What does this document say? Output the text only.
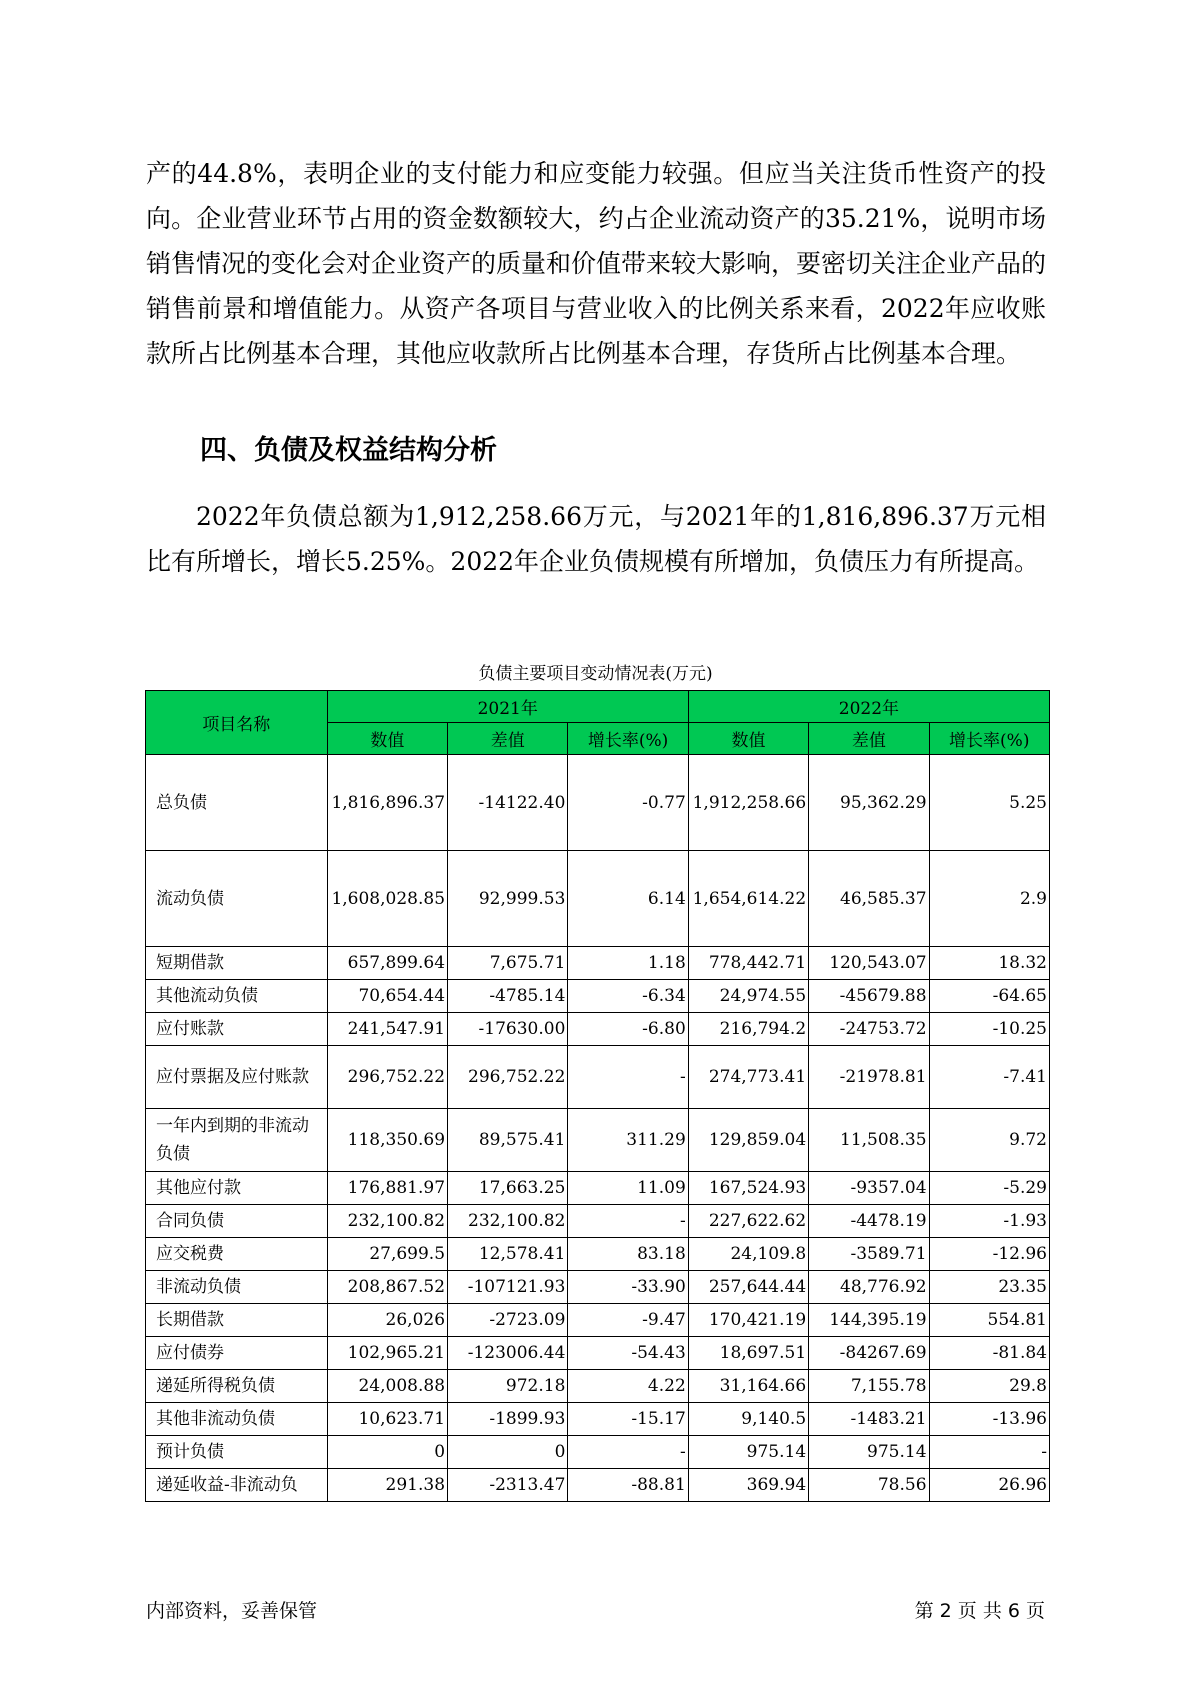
产的44.8%，表明企业的支付能力和应变能力较强。但应当关注货币性资产的投向。企业营业环节占用的资金数额较大，约占企业流动资产的35.21%，说明市场销售情况的变化会对企业资产的质量和价值带来较大影响，要密切关注企业产品的销售前景和增值能力。从资产各项目与营业收入的比例关系来看，2022年应收账款所占比例基本合理，其他应收款所占比例基本合理，存货所占比例基本合理。

四、负债及权益结构分析

2022年负债总额为1,912,258.66万元，与2021年的1,816,896.37万元相比有所增长，增长5.25%。2022年企业负债规模有所增加，负债压力有所提高。

负债主要项目变动情况表(万元)
项目名称	2021年			2022年		
	数值	差值	增长率(%)	数值	差值	增长率(%)
总负债	1,816,896.37	-14122.40	-0.77	1,912,258.66	95,362.29	5.25
流动负债	1,608,028.85	92,999.53	6.14	1,654,614.22	46,585.37	2.9
短期借款	657,899.64	7,675.71	1.18	778,442.71	120,543.07	18.32
其他流动负债	70,654.44	-4785.14	-6.34	24,974.55	-45679.88	-64.65
应付账款	241,547.91	-17630.00	-6.80	216,794.2	-24753.72	-10.25
应付票据及应付账款	296,752.22	296,752.22	-	274,773.41	-21978.81	-7.41
一年内到期的非流动负债	118,350.69	89,575.41	311.29	129,859.04	11,508.35	9.72
其他应付款	176,881.97	17,663.25	11.09	167,524.93	-9357.04	-5.29
合同负债	232,100.82	232,100.82	-	227,622.62	-4478.19	-1.93
应交税费	27,699.5	12,578.41	83.18	24,109.8	-3589.71	-12.96
非流动负债	208,867.52	-107121.93	-33.90	257,644.44	48,776.92	23.35
长期借款	26,026	-2723.09	-9.47	170,421.19	144,395.19	554.81
应付债券	102,965.21	-123006.44	-54.43	18,697.51	-84267.69	-81.84
递延所得税负债	24,008.88	972.18	4.22	31,164.66	7,155.78	29.8
其他非流动负债	10,623.71	-1899.93	-15.17	9,140.5	-1483.21	-13.96
预计负债	0	0	-	975.14	975.14	-
递延收益-非流动负	291.38	-2313.47	-88.81	369.94	78.56	26.96
内部资料，妥善保管	第 2 页 共 6 页
